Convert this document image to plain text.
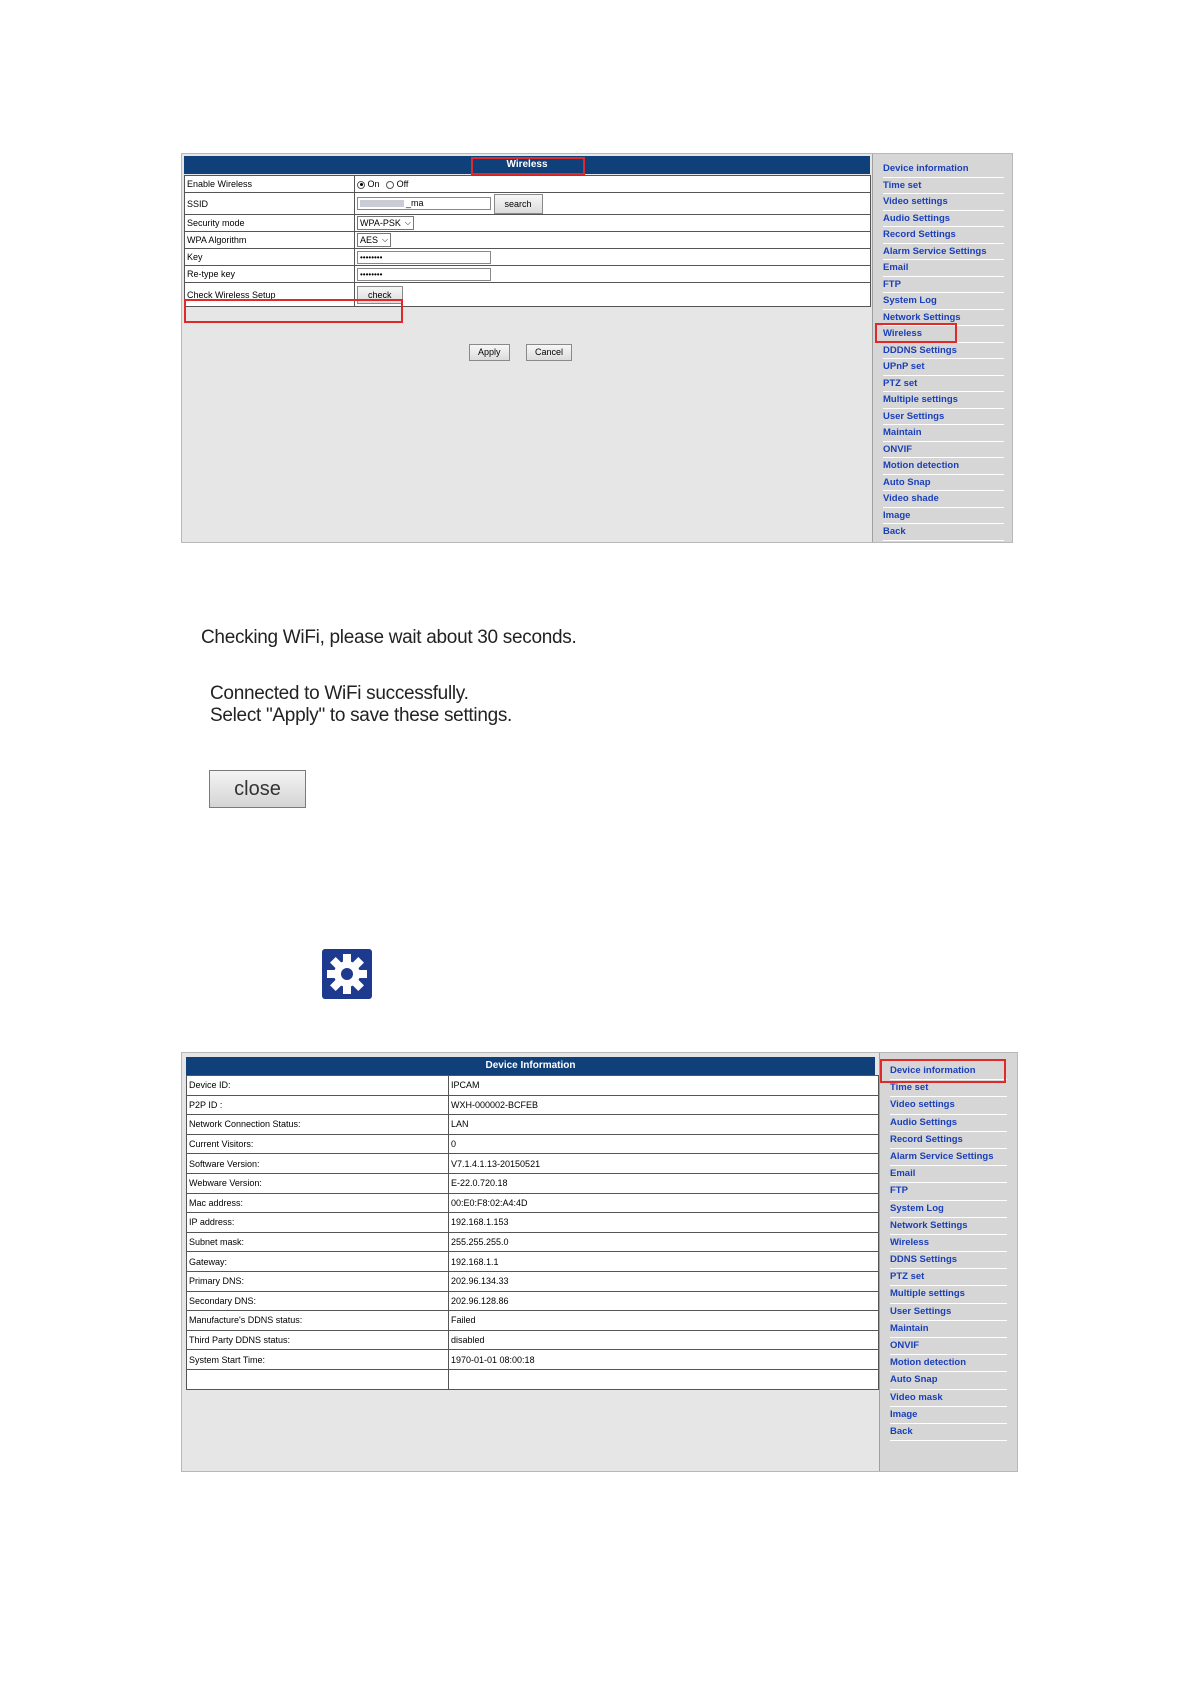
Wireless
Enable Wireless	On Off
SSID	_ma search
Security mode	WPA-PSK ⌵

WPA Algorithm	AES ⌵

Key	••••••••
Re-type key	••••••••
Check Wireless Setup	check
Apply	Cancel
Device information
Time set
Video settings
Audio Settings
Record Settings
Alarm Service Settings
Email
FTP
System Log
Network Settings
Wireless
DDDNS Settings
UPnP set
PTZ set
Multiple settings
User Settings
Maintain
ONVIF
Motion detection
Auto Snap
Video shade
Image
Back
Checking WiFi, please wait about 30 seconds.
Connected to WiFi successfully.
Select "Apply" to save these settings.
close
Device Information
Device ID:	IPCAM
P2P ID :	WXH-000002-BCFEB
Network Connection Status:	LAN
Current Visitors:	0
Software Version:	V7.1.4.1.13-20150521
Webware Version:	E-22.0.720.18
Mac address:	00:E0:F8:02:A4:4D
IP address:	192.168.1.153
Subnet mask:	255.255.255.0
Gateway:	192.168.1.1
Primary DNS:	202.96.134.33
Secondary DNS:	202.96.128.86
Manufacture's DDNS status:	Failed
Third Party DDNS status:	disabled
System Start Time:	1970-01-01 08:00:18

Device information
Time set
Video settings
Audio Settings
Record Settings
Alarm Service Settings
Email
FTP
System Log
Network Settings
Wireless
DDNS Settings
PTZ set
Multiple settings
User Settings
Maintain
ONVIF
Motion detection
Auto Snap
Video mask
Image
Back
